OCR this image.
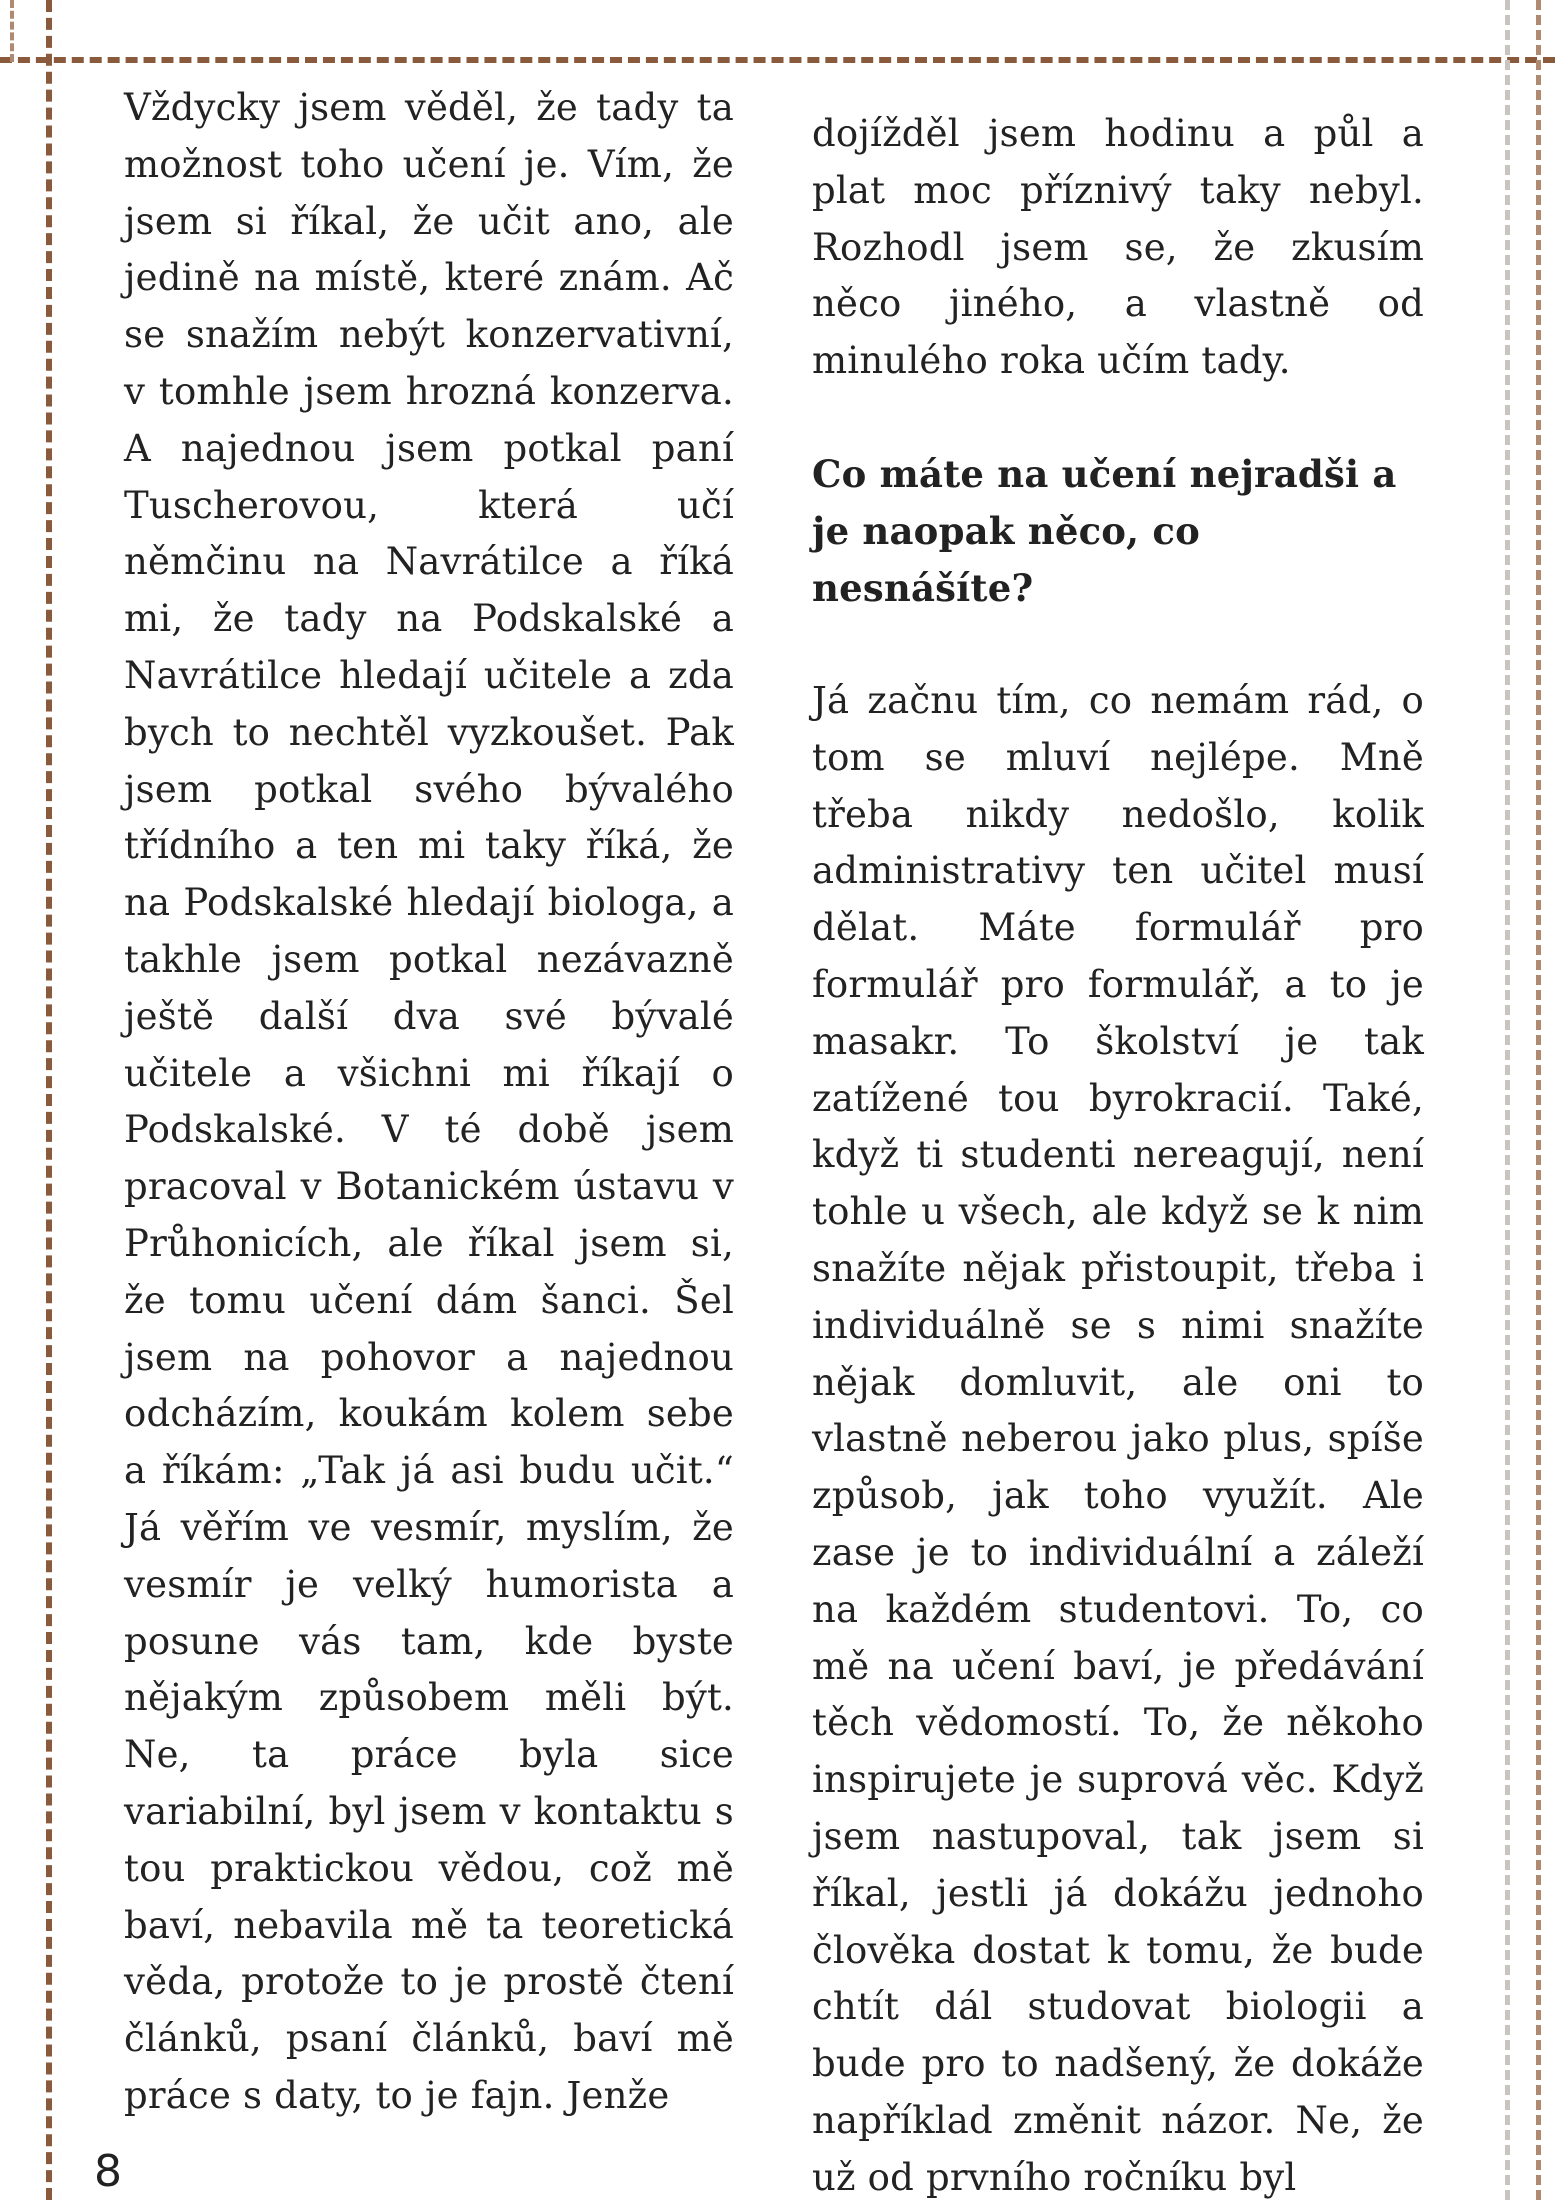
Vždycky jsem věděl, že tady ta možnost toho učení je. Vím, že jsem si říkal, že učit ano, ale jedině na místě, které znám. Ač se snažím nebýt konzervativní, v tomhle jsem hrozná konzerva. A najednou jsem potkal paní Tuscherovou, která učí němčinu na Navrátilce a říká mi, že tady na Podskalské a Navrátilce hledají učitele a zda bych to nechtěl vyzkoušet. Pak jsem potkal svého bývalého třídního a ten mi taky říká, že na Podskalské hledají biologa, a takhle jsem potkal nezávazně ještě další dva své bývalé učitele a všichni mi říkají o Podskalské. V té době jsem pracoval v Botanickém ústavu v Průhonicích, ale říkal jsem si, že tomu učení dám šanci. Šel jsem na pohovor a najednou odcházím, koukám kolem sebe a říkám: „Tak já asi budu učit.“ Já věřím ve vesmír, myslím, že vesmír je velký humorista a posune vás tam, kde byste nějakým způsobem měli být. Ne, ta práce byla sice variabilní, byl jsem v kontaktu s tou praktickou vědou, což mě baví, nebavila mě ta teoretická věda, protože to je prostě čtení článků, psaní článků, baví mě práce s daty, to je fajn. Jenže

dojížděl jsem hodinu a půl a plat moc příznivý taky nebyl. Rozhodl jsem se, že zkusím něco jiného, a vlastně od minulého roka učím tady.

Co máte na učení nejradši a je naopak něco, co nesnášíte?

Já začnu tím, co nemám rád, o tom se mluví nejlépe. Mně třeba nikdy nedošlo, kolik administrativy ten učitel musí dělat. Máte formulář pro formulář pro formulář, a to je masakr. To školství je tak zatížené tou byrokracií. Také, když ti studenti nereagují, není tohle u všech, ale když se k nim snažíte nějak přistoupit, třeba i individuálně se s nimi snažíte nějak domluvit, ale oni to vlastně neberou jako plus, spíše způsob, jak toho využít. Ale zase je to individuální a záleží na každém studentovi. To, co mě na učení baví, je předávání těch vědomostí. To, že někoho inspirujete je suprová věc. Když jsem nastupoval, tak jsem si říkal, jestli já dokážu jednoho člověka dostat k tomu, že bude chtít dál studovat biologii a bude pro to nadšený, že dokáže například změnit názor. Ne, že už od prvního ročníku byl

8
